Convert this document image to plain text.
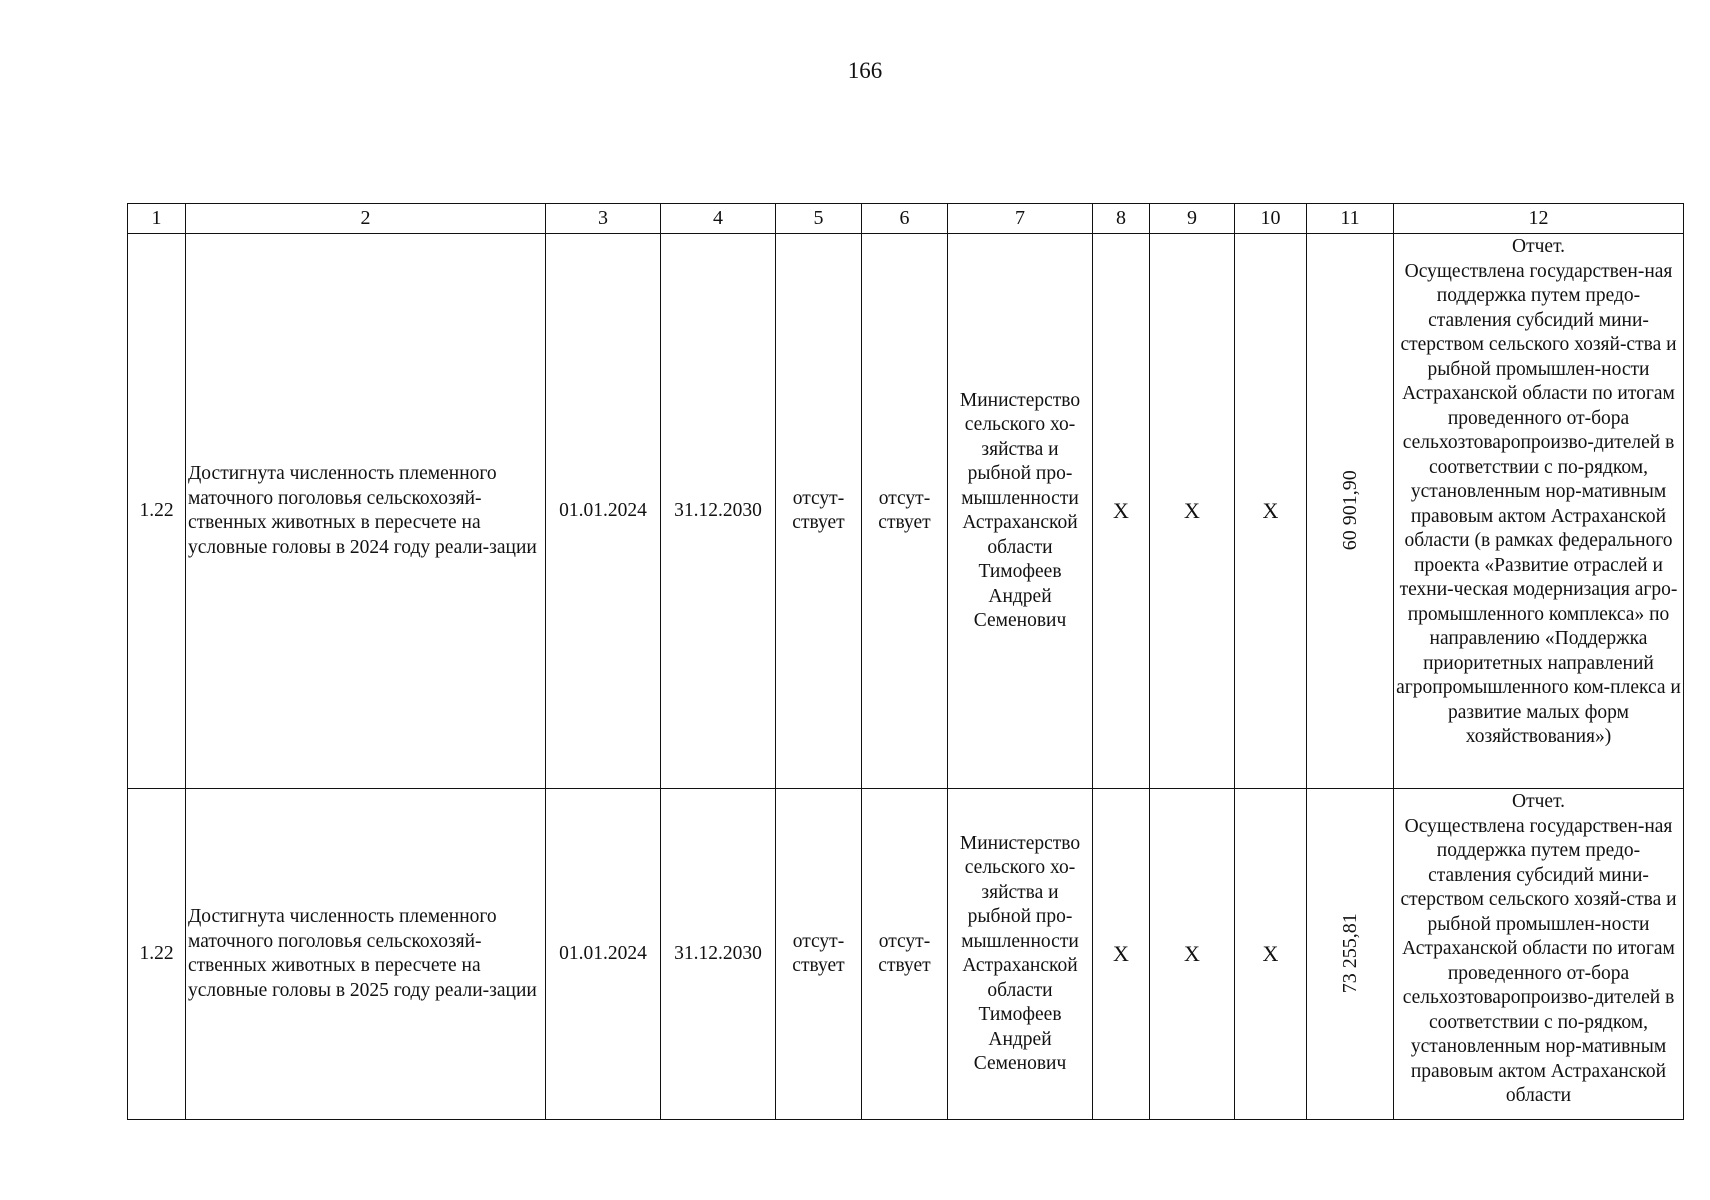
166
1	2	3	4	5	6	7	8	9	10	11	12
1.22	Достигнута численность племенного маточного поголовья сельскохозяй-ственных животных в пересчете на условные головы в 2024 году реали-зации	01.01.2024	31.12.2030	отсут-ствует	отсут-ствует	Министерство сельского хо-зяйства и рыбной про-мышленности Астраханской области Тимофеев Андрей Семенович	Х	Х	Х	60 901,90	Отчет.
Осуществлена государствен-ная поддержка путем предо-ставления субсидий мини-стерством сельского хозяй-ства и рыбной промышлен-ности Астраханской области по итогам проведенного от-бора сельхозтоваропроизво-дителей в соответствии с по-рядком, установленным нор-мативным правовым актом Астраханской области (в рамках федерального проекта «Развитие отраслей и техни-ческая модернизация агро-промышленного комплекса» по направлению «Поддержка приоритетных направлений агропромышленного ком-плекса и развитие малых форм хозяйствования»)

1.22	Достигнута численность племенного маточного поголовья сельскохозяй-ственных животных в пересчете на условные головы в 2025 году реали-зации	01.01.2024	31.12.2030	отсут-ствует	отсут-ствует	Министерство сельского хо-зяйства и рыбной про-мышленности Астраханской области Тимофеев Андрей Семенович	Х	Х	Х	73 255,81	Отчет.
Осуществлена государствен-ная поддержка путем предо-ставления субсидий мини-стерством сельского хозяй-ства и рыбной промышлен-ности Астраханской области по итогам проведенного от-бора сельхозтоваропроизво-дителей в соответствии с по-рядком, установленным нор-мативным правовым актом Астраханской области
